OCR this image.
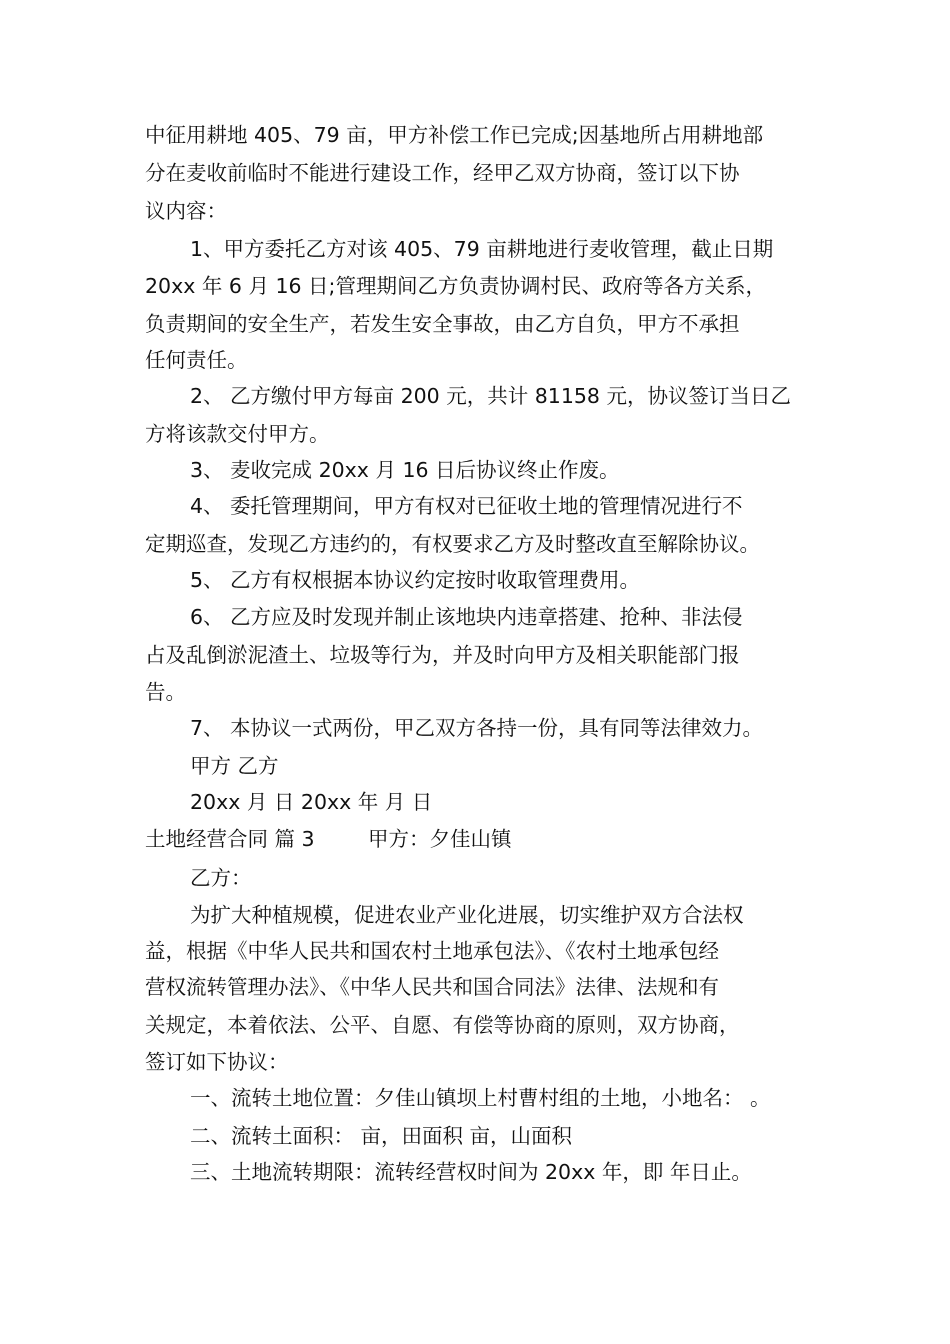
中征用耕地 405、79 亩，甲方补偿工作已完成;因基地所占用耕地部
分在麦收前临时不能进行建设工作，经甲乙双方协商，签订以下协
议内容：
1、甲方委托乙方对该 405、79 亩耕地进行麦收管理，截止日期
20xx 年 6 月 16 日;管理期间乙方负责协调村民、政府等各方关系，
负责期间的安全生产，若发生安全事故，由乙方自负，甲方不承担
任何责任。
2、 乙方缴付甲方每亩 200 元，共计 81158 元，协议签订当日乙
方将该款交付甲方。
3、 麦收完成 20xx 月 16 日后协议终止作废。
4、 委托管理期间，甲方有权对已征收土地的管理情况进行不
定期巡查，发现乙方违约的，有权要求乙方及时整改直至解除协议。
5、 乙方有权根据本协议约定按时收取管理费用。
6、 乙方应及时发现并制止该地块内违章搭建、抢种、非法侵
占及乱倒淤泥渣土、垃圾等行为，并及时向甲方及相关职能部门报
告。
7、 本协议一式两份，甲乙双方各持一份，具有同等法律效力。
甲方 乙方
20xx 月 日 20xx 年 月 日
土地经营合同 篇 3	甲方：夕佳山镇
乙方：
为扩大种植规模，促进农业产业化进展，切实维护双方合法权
益，根据《中华人民共和国农村土地承包法》、《农村土地承包经
营权流转管理办法》、《中华人民共和国合同法》法律、法规和有
关规定，本着依法、公平、自愿、有偿等协商的原则，双方协商，
签订如下协议：
一、流转土地位置：夕佳山镇坝上村曹村组的土地，小地名： 。
二、流转土面积： 亩，田面积 亩，山面积
三、土地流转期限：流转经营权时间为 20xx 年，即 年日止。
